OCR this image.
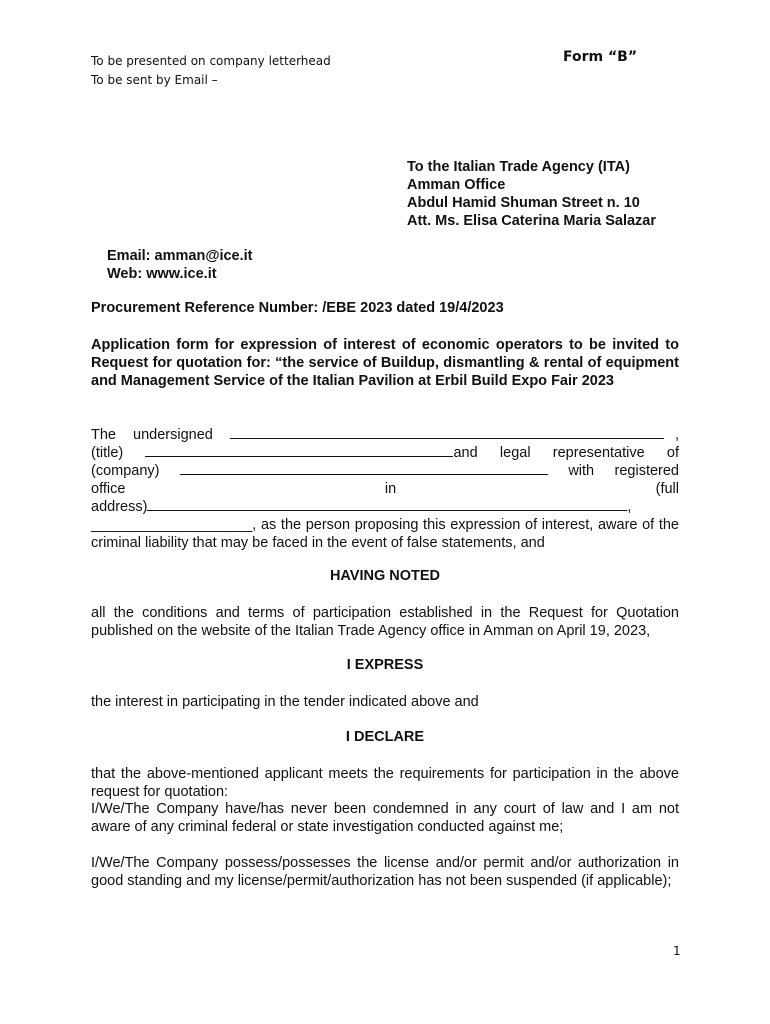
To be presented on company letterhead
To be sent by Email –
Form “B”
To the Italian Trade Agency (ITA)
Amman Office
Abdul Hamid Shuman Street n. 10
Att. Ms. Elisa Caterina Maria Salazar
Email: amman@ice.it
Web: www.ice.it
Procurement Reference Number: /EBE 2023 dated 19/4/2023
Application form for expression of interest of economic operators to be invited to Request for quotation for: “the service of Buildup, dismantling & rental of equipment and Management Service of the Italian Pavilion at Erbil Build Expo Fair 2023
The undersigned	,
(title)	and legal representative of
(company)	with registered
office	in	(full
address)	,
____________________, as the person proposing this expression of interest, aware of the criminal liability that may be faced in the event of false statements, and
HAVING NOTED
all the conditions and terms of participation established in the Request for Quotation published on the website of the Italian Trade Agency office in Amman on April 19, 2023,
I EXPRESS
the interest in participating in the tender indicated above and
I DECLARE
that the above-mentioned applicant meets the requirements for participation in the above request for quotation:
I/We/The Company have/has never been condemned in any court of law and I am not aware of any criminal federal or state investigation conducted against me;
I/We/The Company possess/possesses the license and/or permit and/or authorization in good standing and my license/permit/authorization has not been suspended (if applicable);
1
